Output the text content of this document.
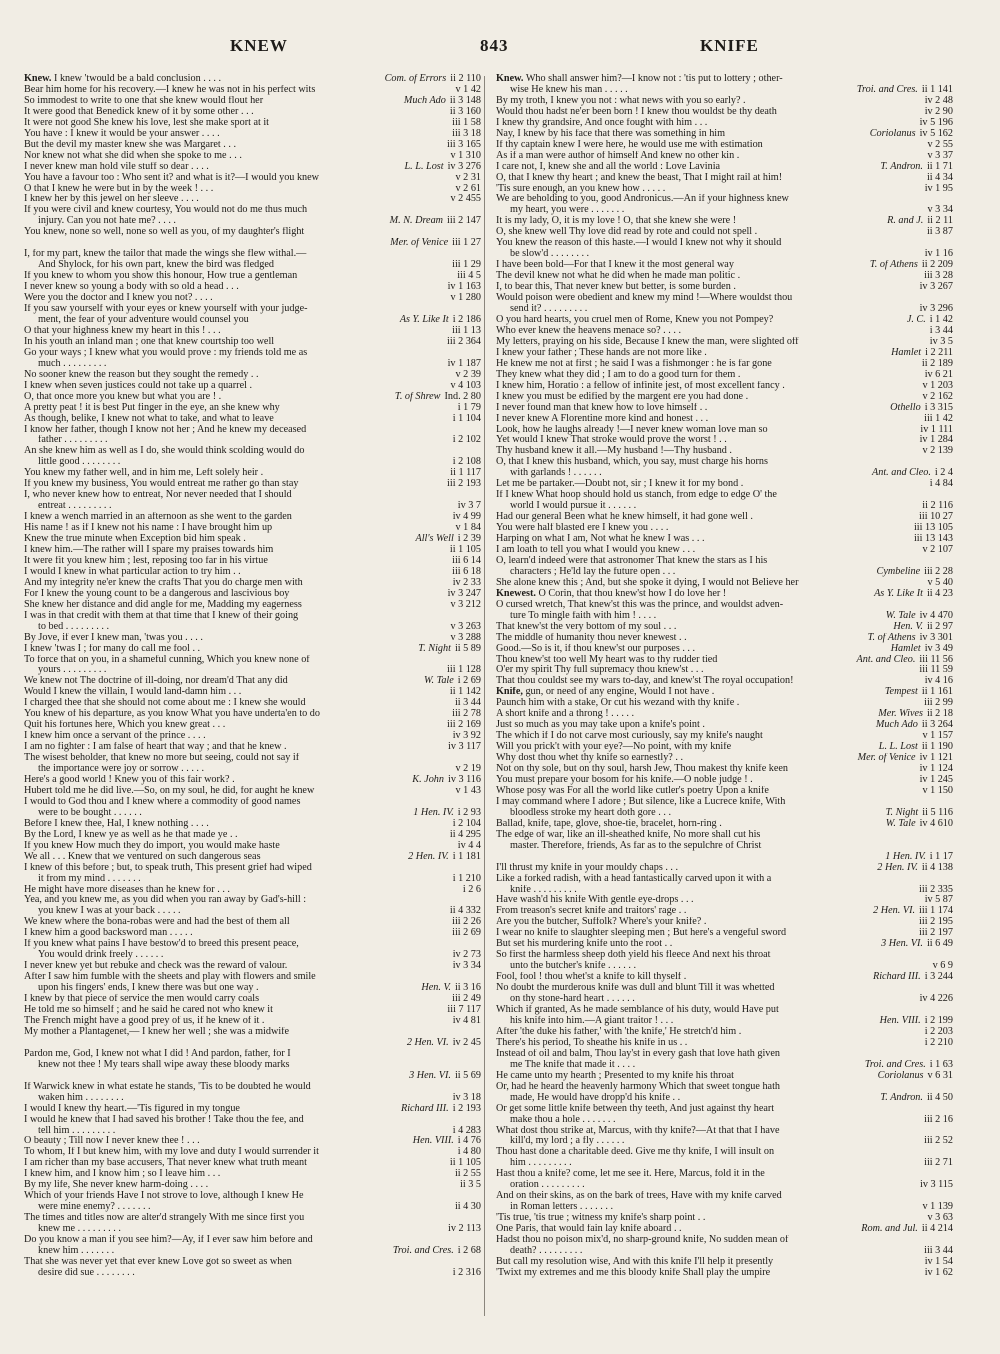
KNEW	843	KNIFE
Knew. I knew 'twould be a bald conclusion . . . .	Com. of Errors ii 2 110
Bear him home for his recovery.—I knew he was not in his perfect wits	v 1 42
So immodest to write to one that she knew would flout her	Much Ado ii 3 148
It were good that Benedick knew of it by some other . . .	ii 3 160
It were not good She knew his love, lest she make sport at it	iii 1 58
You have : I knew it would be your answer . . . .	iii 3 18
But the devil my master knew she was Margaret . . .	iii 3 165
Nor knew not what she did when she spoke to me . . .	v 1 310
I never knew man hold vile stuff so dear . . . .	L. L. Lost iv 3 276
You have a favour too : Who sent it? and what is it?—I would you knew	v 2 31
O that I knew he were but in by the week ! . . .	v 2 61
I knew her by this jewel on her sleeve . . . .	v 2 455
If you were civil and knew courtesy, You would not do me thus much
injury. Can you not hate me? . . . .	M. N. Dream iii 2 147
You knew, none so well, none so well as you, of my daughter's flight
Mer. of Venice iii 1 27
I, for my part, knew the tailor that made the wings she flew withal.—
And Shylock, for his own part, knew the bird was fledged	iii 1 29
If you knew to whom you show this honour, How true a gentleman	iii 4 5
I never knew so young a body with so old a head . . .	iv 1 163
Were you the doctor and I knew you not? . . . .	v 1 280
If you saw yourself with your eyes or knew yourself with your judge-
ment, the fear of your adventure would counsel you	As Y. Like It i 2 186
O that your highness knew my heart in this ! . . .	iii 1 13
In his youth an inland man ; one that knew courtship too well	iii 2 364
Go your ways ; I knew what you would prove : my friends told me as
much . . . . . . . . .	iv 1 187
No sooner knew the reason but they sought the remedy . .	v 2 39
I knew when seven justices could not take up a quarrel .	v 4 103
O, that once more you knew but what you are ! .	T. of Shrew Ind. 2 80
A pretty peat ! it is best Put finger in the eye, an she knew why	i 1 79
As though, belike, I knew not what to take, and what to leave	i 1 104
I know her father, though I know not her ; And he knew my deceased
father . . . . . . . . .	i 2 102
An she knew him as well as I do, she would think scolding would do
little good . . . . . . . .	i 2 108
You knew my father well, and in him me, Left solely heir .	ii 1 117
If you knew my business, You would entreat me rather go than stay	iii 2 193
I, who never knew how to entreat, Nor never needed that I should
entreat . . . . . . . . .	iv 3 7
I knew a wench married in an afternoon as she went to the garden	iv 4 99
His name ! as if I knew not his name : I have brought him up	v 1 84
Knew the true minute when Exception bid him speak .	All's Well i 2 39
I knew him.—The rather will I spare my praises towards him	ii 1 105
It were fit you knew him ; lest, reposing too far in his virtue	iii 6 14
I would I knew in what particular action to try him . .	iii 6 18
And my integrity ne'er knew the crafts That you do charge men with	iv 2 33
For I knew the young count to be a dangerous and lascivious boy	iv 3 247
She knew her distance and did angle for me, Madding my eagerness	v 3 212
I was in that credit with them at that time that I knew of their going
to bed . . . . . . . . .	v 3 263
By Jove, if ever I knew man, 'twas you . . . .	v 3 288
I knew 'twas I ; for many do call me fool . .	T. Night ii 5 89
To force that on you, in a shameful cunning, Which you knew none of
yours . . . . . . . . .	iii 1 128
We knew not The doctrine of ill-doing, nor dream'd That any did	W. Tale i 2 69
Would I knew the villain, I would land-damn him . . .	ii 1 142
I charged thee that she should not come about me : I knew she would	ii 3 44
You knew of his departure, as you know What you have underta'en to do	iii 2 78
Quit his fortunes here, Which you knew great . . .	iii 2 169
I knew him once a servant of the prince . . . .	iv 3 92
I am no fighter : I am false of heart that way ; and that he knew .	iv 3 117
The wisest beholder, that knew no more but seeing, could not say if
the importance were joy or sorrow . . . . .	v 2 19
Here's a good world ! Knew you of this fair work? .	K. John iv 3 116
Hubert told me he did live.—So, on my soul, he did, for aught he knew	v 1 43
I would to God thou and I knew where a commodity of good names
were to be bought . . . . . .	1 Hen. IV. i 2 93
Before I knew thee, Hal, I knew nothing . . . .	i 2 104
By the Lord, I knew ye as well as he that made ye . .	ii 4 295
If you knew How much they do import, you would make haste	iv 4 4
We all . . . Knew that we ventured on such dangerous seas	2 Hen. IV. i 1 181
I knew of this before ; but, to speak truth, This present grief had wiped
it from my mind . . . . . . .	i 1 210
He might have more diseases than he knew for . . .	i 2 6
Yea, and you knew me, as you did when you ran away by Gad's-hill :
you knew I was at your back . . . . .	ii 4 332
We knew where the bona-robas were and had the best of them all	iii 2 26
I knew him a good backsword man . . . . .	iii 2 69
If you knew what pains I have bestow'd to breed this present peace,
You would drink freely . . . . . .	iv 2 73
I never knew yet but rebuke and check was the reward of valour.	iv 3 34
After I saw him fumble with the sheets and play with flowers and smile
upon his fingers' ends, I knew there was but one way .	Hen. V. ii 3 16
I knew by that piece of service the men would carry coals	iii 2 49
He told me so himself ; and he said he cared not who knew it	iii 7 117
The French might have a good prey of us, if he knew of it .	iv 4 81
My mother a Plantagenet,— I knew her well ; she was a midwife
2 Hen. VI. iv 2 45
Pardon me, God, I knew not what I did ! And pardon, father, for I
knew not thee ! My tears shall wipe away these bloody marks
3 Hen. VI. ii 5 69
If Warwick knew in what estate he stands, 'Tis to be doubted he would
waken him . . . . . . . .	iv 3 18
I would I knew thy heart.—'Tis figured in my tongue	Richard III. i 2 193
I would he knew that I had saved his brother ! Take thou the fee, and
tell him . . . . . . . . .	i 4 283
O beauty ; Till now I never knew thee ! . . .	Hen. VIII. i 4 76
To whom, If I but knew him, with my love and duty I would surrender it	i 4 80
I am richer than my base accusers, That never knew what truth meant	ii 1 105
I knew him, and I know him ; so I leave him . . .	ii 2 55
By my life, She never knew harm-doing . . . .	ii 3 5
Which of your friends Have I not strove to love, although I knew He
were mine enemy? . . . . . . .	ii 4 30
The times and titles now are alter'd strangely With me since first you
knew me . . . . . . . . .	iv 2 113
Do you know a man if you see him?—Ay, if I ever saw him before and
knew him . . . . . . .	Troi. and Cres. i 2 68
That she was never yet that ever knew Love got so sweet as when
desire did sue . . . . . . . .	i 2 316
Knew. Who shall answer him?—I know not : 'tis put to lottery ; other-
wise He knew his man . . . . .	Troi. and Cres. ii 1 141
By my troth, I knew you not : what news with you so early? .	iv 2 48
Would thou hadst ne'er been born ! I knew thou wouldst be thy death	iv 2 90
I knew thy grandsire, And once fought with him . . .	iv 5 196
Nay, I knew by his face that there was something in him	Coriolanus iv 5 162
If thy captain knew I were here, he would use me with estimation	v 2 55
As if a man were author of himself And knew no other kin .	v 3 37
I care not, I, knew she and all the world : Love Lavinia	T. Andron. ii 1 71
O, that I knew thy heart ; and knew the beast, That I might rail at him!	ii 4 34
'Tis sure enough, an you knew how . . . . .	iv 1 95
We are beholding to you, good Andronicus.—An if your highness knew
my heart, you were . . . . . . .	v 3 34
It is my lady, O, it is my love ! O, that she knew she were !	R. and J. ii 2 11
O, she knew well Thy love did read by rote and could not spell .	ii 3 87
You knew the reason of this haste.—I would I knew not why it should
be slow'd . . . . . . . .	iv 1 16
I have been bold—For that I knew it the most general way	T. of Athens ii 2 209
The devil knew not what he did when he made man politic .	iii 3 28
I, to bear this, That never knew but better, is some burden .	iv 3 267
Would poison were obedient and knew my mind !—Where wouldst thou
send it? . . . . . . . . .	iv 3 296
O you hard hearts, you cruel men of Rome, Knew you not Pompey?	J. C. i 1 42
Who ever knew the heavens menace so? . . . .	i 3 44
My letters, praying on his side, Because I knew the man, were slighted off	iv 3 5
I knew your father ; These hands are not more like .	Hamlet i 2 211
He knew me not at first ; he said I was a fishmonger : he is far gone	ii 2 189
They knew what they did ; I am to do a good turn for them .	iv 6 21
I knew him, Horatio : a fellow of infinite jest, of most excellent fancy .	v 1 203
I knew you must be edified by the margent ere you had done .	v 2 162
I never found man that knew how to love himself . .	Othello i 3 315
I never knew A Florentine more kind and honest . . .	iii 1 42
Look, how he laughs already !—I never knew woman love man so	iv 1 111
Yet would I knew That stroke would prove the worst ! . .	iv 1 284
Thy husband knew it all.—My husband !—Thy husband .	v 2 139
O, that I knew this husband, which, you say, must charge his horns
with garlands ! . . . . . .	Ant. and Cleo. i 2 4
Let me be partaker.—Doubt not, sir ; I knew it for my bond .	i 4 84
If I knew What hoop should hold us stanch, from edge to edge O' the
world I would pursue it . . . . . .	ii 2 116
Had our general Been what he knew himself, it had gone well .	iii 10 27
You were half blasted ere I knew you . . . .	iii 13 105
Harping on what I am, Not what he knew I was . . .	iii 13 143
I am loath to tell you what I would you knew . . .	v 2 107
O, learn'd indeed were that astronomer That knew the stars as I his
characters ; He'ld lay the future open . . .	Cymbeline iii 2 28
She alone knew this ; And, but she spoke it dying, I would not Believe her	v 5 40
Knewest. O Corin, that thou knew'st how I do love her !	As Y. Like It ii 4 23
O cursed wretch, That knew'st this was the prince, and wouldst adven-
ture To mingle faith with him ! . . . .	W. Tale iv 4 470
That knew'st the very bottom of my soul . . .	Hen. V. ii 2 97
The middle of humanity thou never knewest . .	T. of Athens iv 3 301
Good.—So is it, if thou knew'st our purposes . . .	Hamlet iv 3 49
Thou knew'st too well My heart was to thy rudder tied	Ant. and Cleo. iii 11 56
O'er my spirit Thy full supremacy thou knew'st . . .	iii 11 59
That thou couldst see my wars to-day, and knew'st The royal occupation!	iv 4 16
Knife, gun, or need of any engine, Would I not have .	Tempest ii 1 161
Paunch him with a stake, Or cut his wezand with thy knife .	iii 2 99
A short knife and a throng ! . . . . .	Mer. Wives ii 2 18
Just so much as you may take upon a knife's point .	Much Ado ii 3 264
The which if I do not carve most curiously, say my knife's naught	v 1 157
Will you prick't with your eye?—No point, with my knife	L. L. Lost ii 1 190
Why dost thou whet thy knife so earnestly? . .	Mer. of Venice iv 1 121
Not on thy sole, but on thy soul, harsh Jew, Thou makest thy knife keen	iv 1 124
You must prepare your bosom for his knife.—O noble judge ! .	iv 1 245
Whose posy was For all the world like cutler's poetry Upon a knife	v 1 150
I may command where I adore ; But silence, like a Lucrece knife, With
bloodless stroke my heart doth gore . . .	T. Night ii 5 116
Ballad, knife, tape, glove, shoe-tie, bracelet, horn-ring .	W. Tale iv 4 610
The edge of war, like an ill-sheathed knife, No more shall cut his
master. Therefore, friends, As far as to the sepulchre of Christ
1 Hen. IV. i 1 17
I'll thrust my knife in your mouldy chaps . . .	2 Hen. IV. ii 4 138
Like a forked radish, with a head fantastically carved upon it with a
knife . . . . . . . . .	iii 2 335
Have wash'd his knife With gentle eye-drops . . .	iv 5 87
From treason's secret knife and traitors' rage . .	2 Hen. VI. iii 1 174
Are you the butcher, Suffolk? Where's your knife? .	iii 2 195
I wear no knife to slaughter sleeping men ; But here's a vengeful sword	iii 2 197
But set his murdering knife unto the root . .	3 Hen. VI. ii 6 49
So first the harmless sheep doth yield his fleece And next his throat
unto the butcher's knife . . . . . .	v 6 9
Fool, fool ! thou whet'st a knife to kill thyself .	Richard III. i 3 244
No doubt the murderous knife was dull and blunt Till it was whetted
on thy stone-hard heart . . . . . .	iv 4 226
Which if granted, As he made semblance of his duty, would Have put
his knife into him.—A giant traitor ! . . .	Hen. VIII. i 2 199
After 'the duke his father,' with 'the knife,' He stretch'd him .	i 2 203
There's his period, To sheathe his knife in us . .	i 2 210
Instead of oil and balm, Thou lay'st in every gash that love hath given
me The knife that made it . . . .	Troi. and Cres. i 1 63
He came unto my hearth ; Presented to my knife his throat	Coriolanus v 6 31
Or, had he heard the heavenly harmony Which that sweet tongue hath
made, He would have dropp'd his knife . .	T. Andron. ii 4 50
Or get some little knife between thy teeth, And just against thy heart
make thou a hole . . . . . . .	iii 2 16
What dost thou strike at, Marcus, with thy knife?—At that that I have
kill'd, my lord ; a fly . . . . . .	iii 2 52
Thou hast done a charitable deed. Give me thy knife, I will insult on
him . . . . . . . . .	iii 2 71
Hast thou a knife? come, let me see it. Here, Marcus, fold it in the
oration . . . . . . . . .	iv 3 115
And on their skins, as on the bark of trees, Have with my knife carved
in Roman letters . . . . . . .	v 1 139
'Tis true, 'tis true ; witness my knife's sharp point . .	v 3 63
One Paris, that would fain lay knife aboard . .	Rom. and Jul. ii 4 214
Hadst thou no poison mix'd, no sharp-ground knife, No sudden mean of
death? . . . . . . . . .	iii 3 44
But call my resolution wise, And with this knife I'll help it presently	iv 1 54
'Twixt my extremes and me this bloody knife Shall play the umpire	iv 1 62
